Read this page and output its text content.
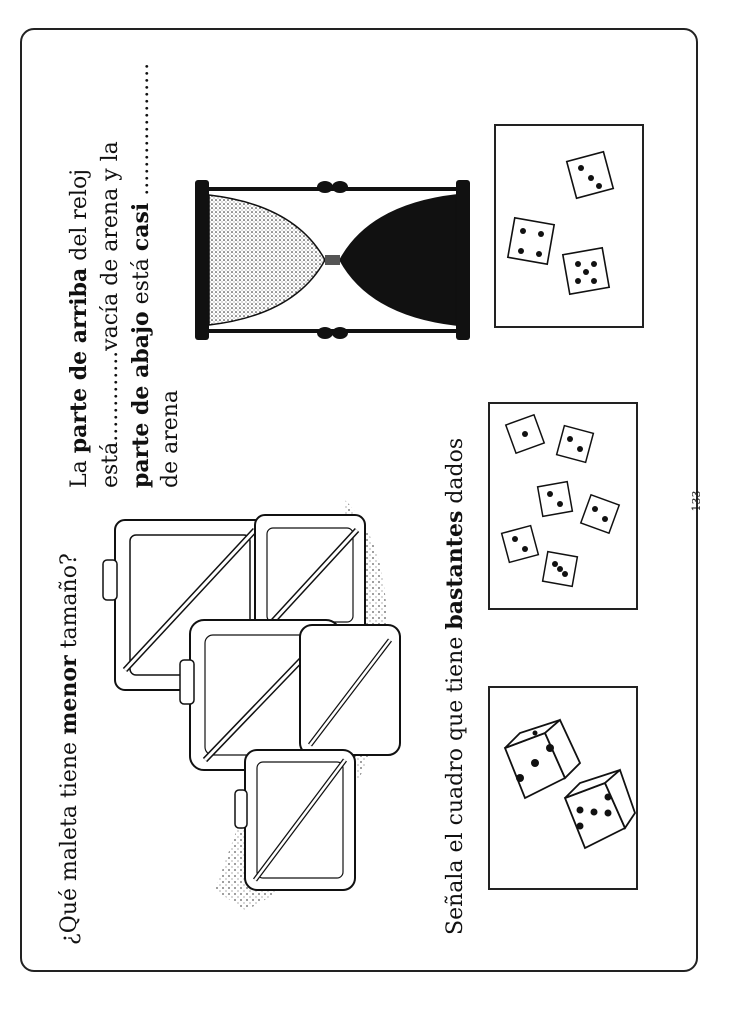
¿Qué maleta tiene menor tamaño?
Señala el cuadro que tiene bastantes dados
La parte de arriba del reloj está.............vacía de arena y la parte de abajo está casi ...................
de arena
133
